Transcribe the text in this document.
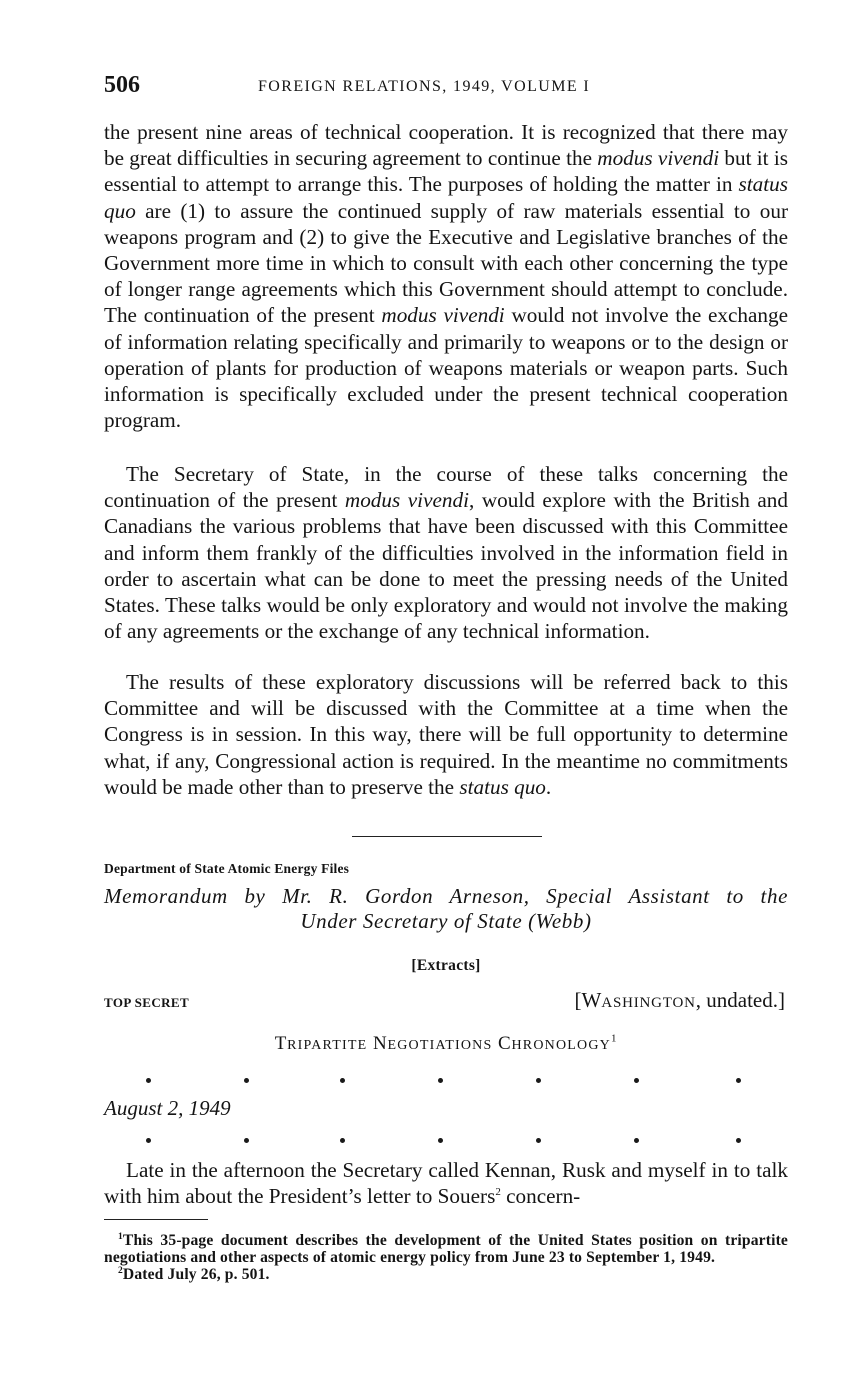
506	FOREIGN RELATIONS, 1949, VOLUME I

the present nine areas of technical cooperation. It is recognized that there may be great difficulties in securing agreement to continue the modus vivendi but it is essential to attempt to arrange this. The purposes of holding the matter in status quo are (1) to assure the continued supply of raw materials essential to our weapons program and (2) to give the Executive and Legislative branches of the Government more time in which to consult with each other concerning the type of longer range agreements which this Government should attempt to conclude. The continuation of the present modus vivendi would not involve the exchange of information relating specifically and primarily to weapons or to the design or operation of plants for production of weapons materials or weapon parts. Such information is specifically excluded under the present technical cooperation program.

The Secretary of State, in the course of these talks concerning the continuation of the present modus vivendi, would explore with the British and Canadians the various problems that have been discussed with this Committee and inform them frankly of the difficulties involved in the information field in order to ascertain what can be done to meet the pressing needs of the United States. These talks would be only exploratory and would not involve the making of any agreements or the exchange of any technical information.

The results of these exploratory discussions will be referred back to this Committee and will be discussed with the Committee at a time when the Congress is in session. In this way, there will be full opportunity to determine what, if any, Congressional action is required. In the meantime no commitments would be made other than to preserve the status quo.

Department of State Atomic Energy Files
Memorandum by Mr. R. Gordon Arneson, Special Assistant to the
Under Secretary of State (Webb)
[Extracts]
TOP SECRET	[WASHINGTON, undated.]
TRIPARTITE NEGOTIATIONS CHRONOLOGY$^1$
August 2, 1949

Late in the afternoon the Secretary called Kennan, Rusk and myself in to talk with him about the President’s letter to Souers$^2$ concern-

$^1$This 35-page document describes the development of the United States position on tripartite negotiations and other aspects of atomic energy policy from June 23 to September 1, 1949.

$^2$Dated July 26, p. 501.
